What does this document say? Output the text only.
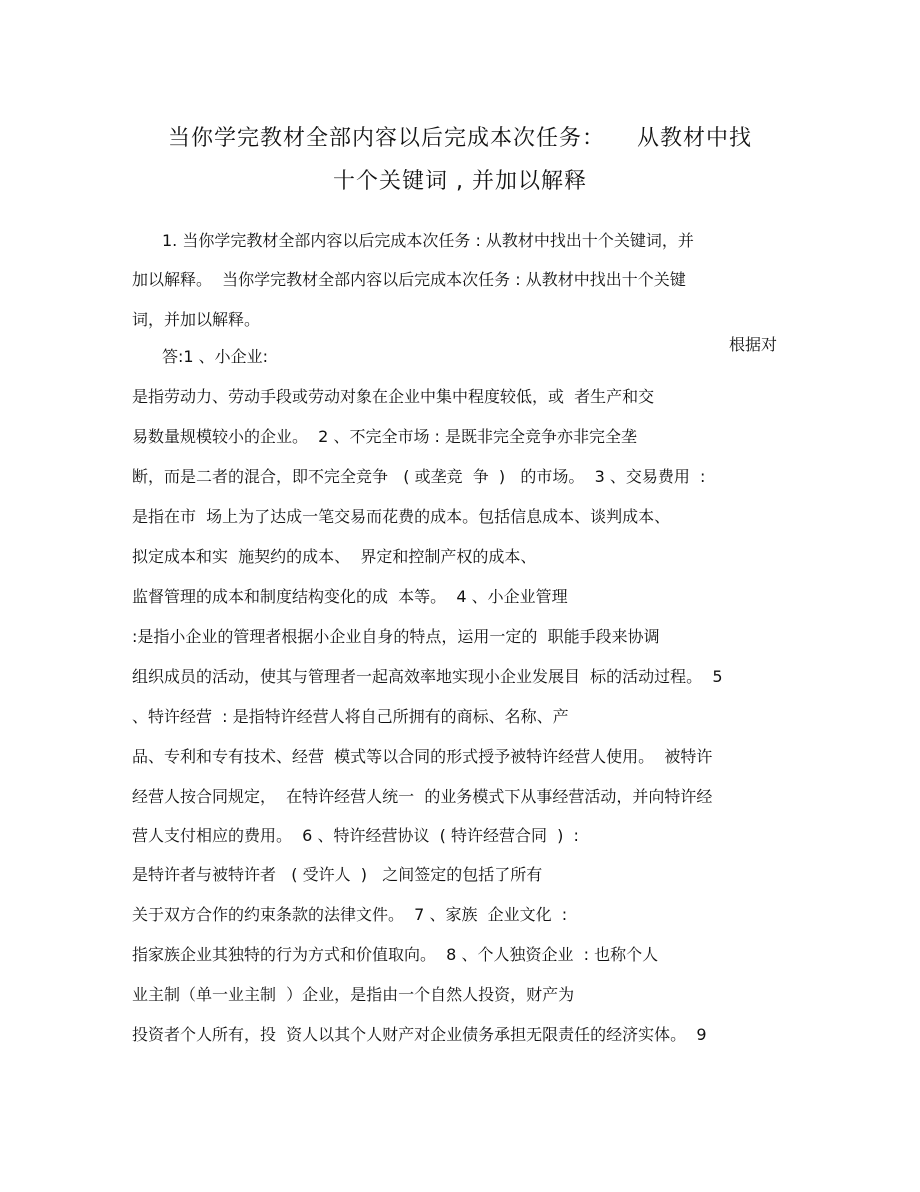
当你学完教材全部内容以后完成本次任务：    从教材中找
十个关键词 , 并加以解释
1. 当你学完教材全部内容以后完成本次任务 : 从教材中找出十个关键词，并
加以解释。  当你学完教材全部内容以后完成本次任务 : 从教材中找出十个关键
词，并加以解释。
根据对
答:1 、小企业:
是指劳动力、劳动手段或劳动对象在企业中集中程度较低，或  者生产和交
易数量规模较小的企业。  2 、不完全市场 : 是既非完全竞争亦非完全垄
断，而是二者的混合，即不完全竞争   ( 或垄竞  争  )   的市场。  3 、交易费用  :
是指在市  场上为了达成一笔交易而花费的成本。包括信息成本、谈判成本、
拟定成本和实  施契约的成本、  界定和控制产权的成本、
监督管理的成本和制度结构变化的成  本等。  4 、小企业管理
:是指小企业的管理者根据小企业自身的特点，运用一定的  职能手段来协调
组织成员的活动，使其与管理者一起高效率地实现小企业发展目  标的活动过程。  5
、特许经营  : 是指特许经营人将自己所拥有的商标、名称、产
品、专利和专有技术、经营  模式等以合同的形式授予被特许经营人使用。  被特许
经营人按合同规定，  在特许经营人统一  的业务模式下从事经营活动，并向特许经
营人支付相应的费用。  6 、特许经营协议  ( 特许经营合同  )  :
是特许者与被特许者   ( 受许人  )   之间签定的包括了所有
关于双方合作的约束条款的法律文件。  7 、家族  企业文化  :
指家族企业其独特的行为方式和价值取向。  8 、个人独资企业  : 也称个人
业主制（单一业主制  ）企业，是指由一个自然人投资，财产为
投资者个人所有，投  资人以其个人财产对企业债务承担无限责任的经济实体。  9
